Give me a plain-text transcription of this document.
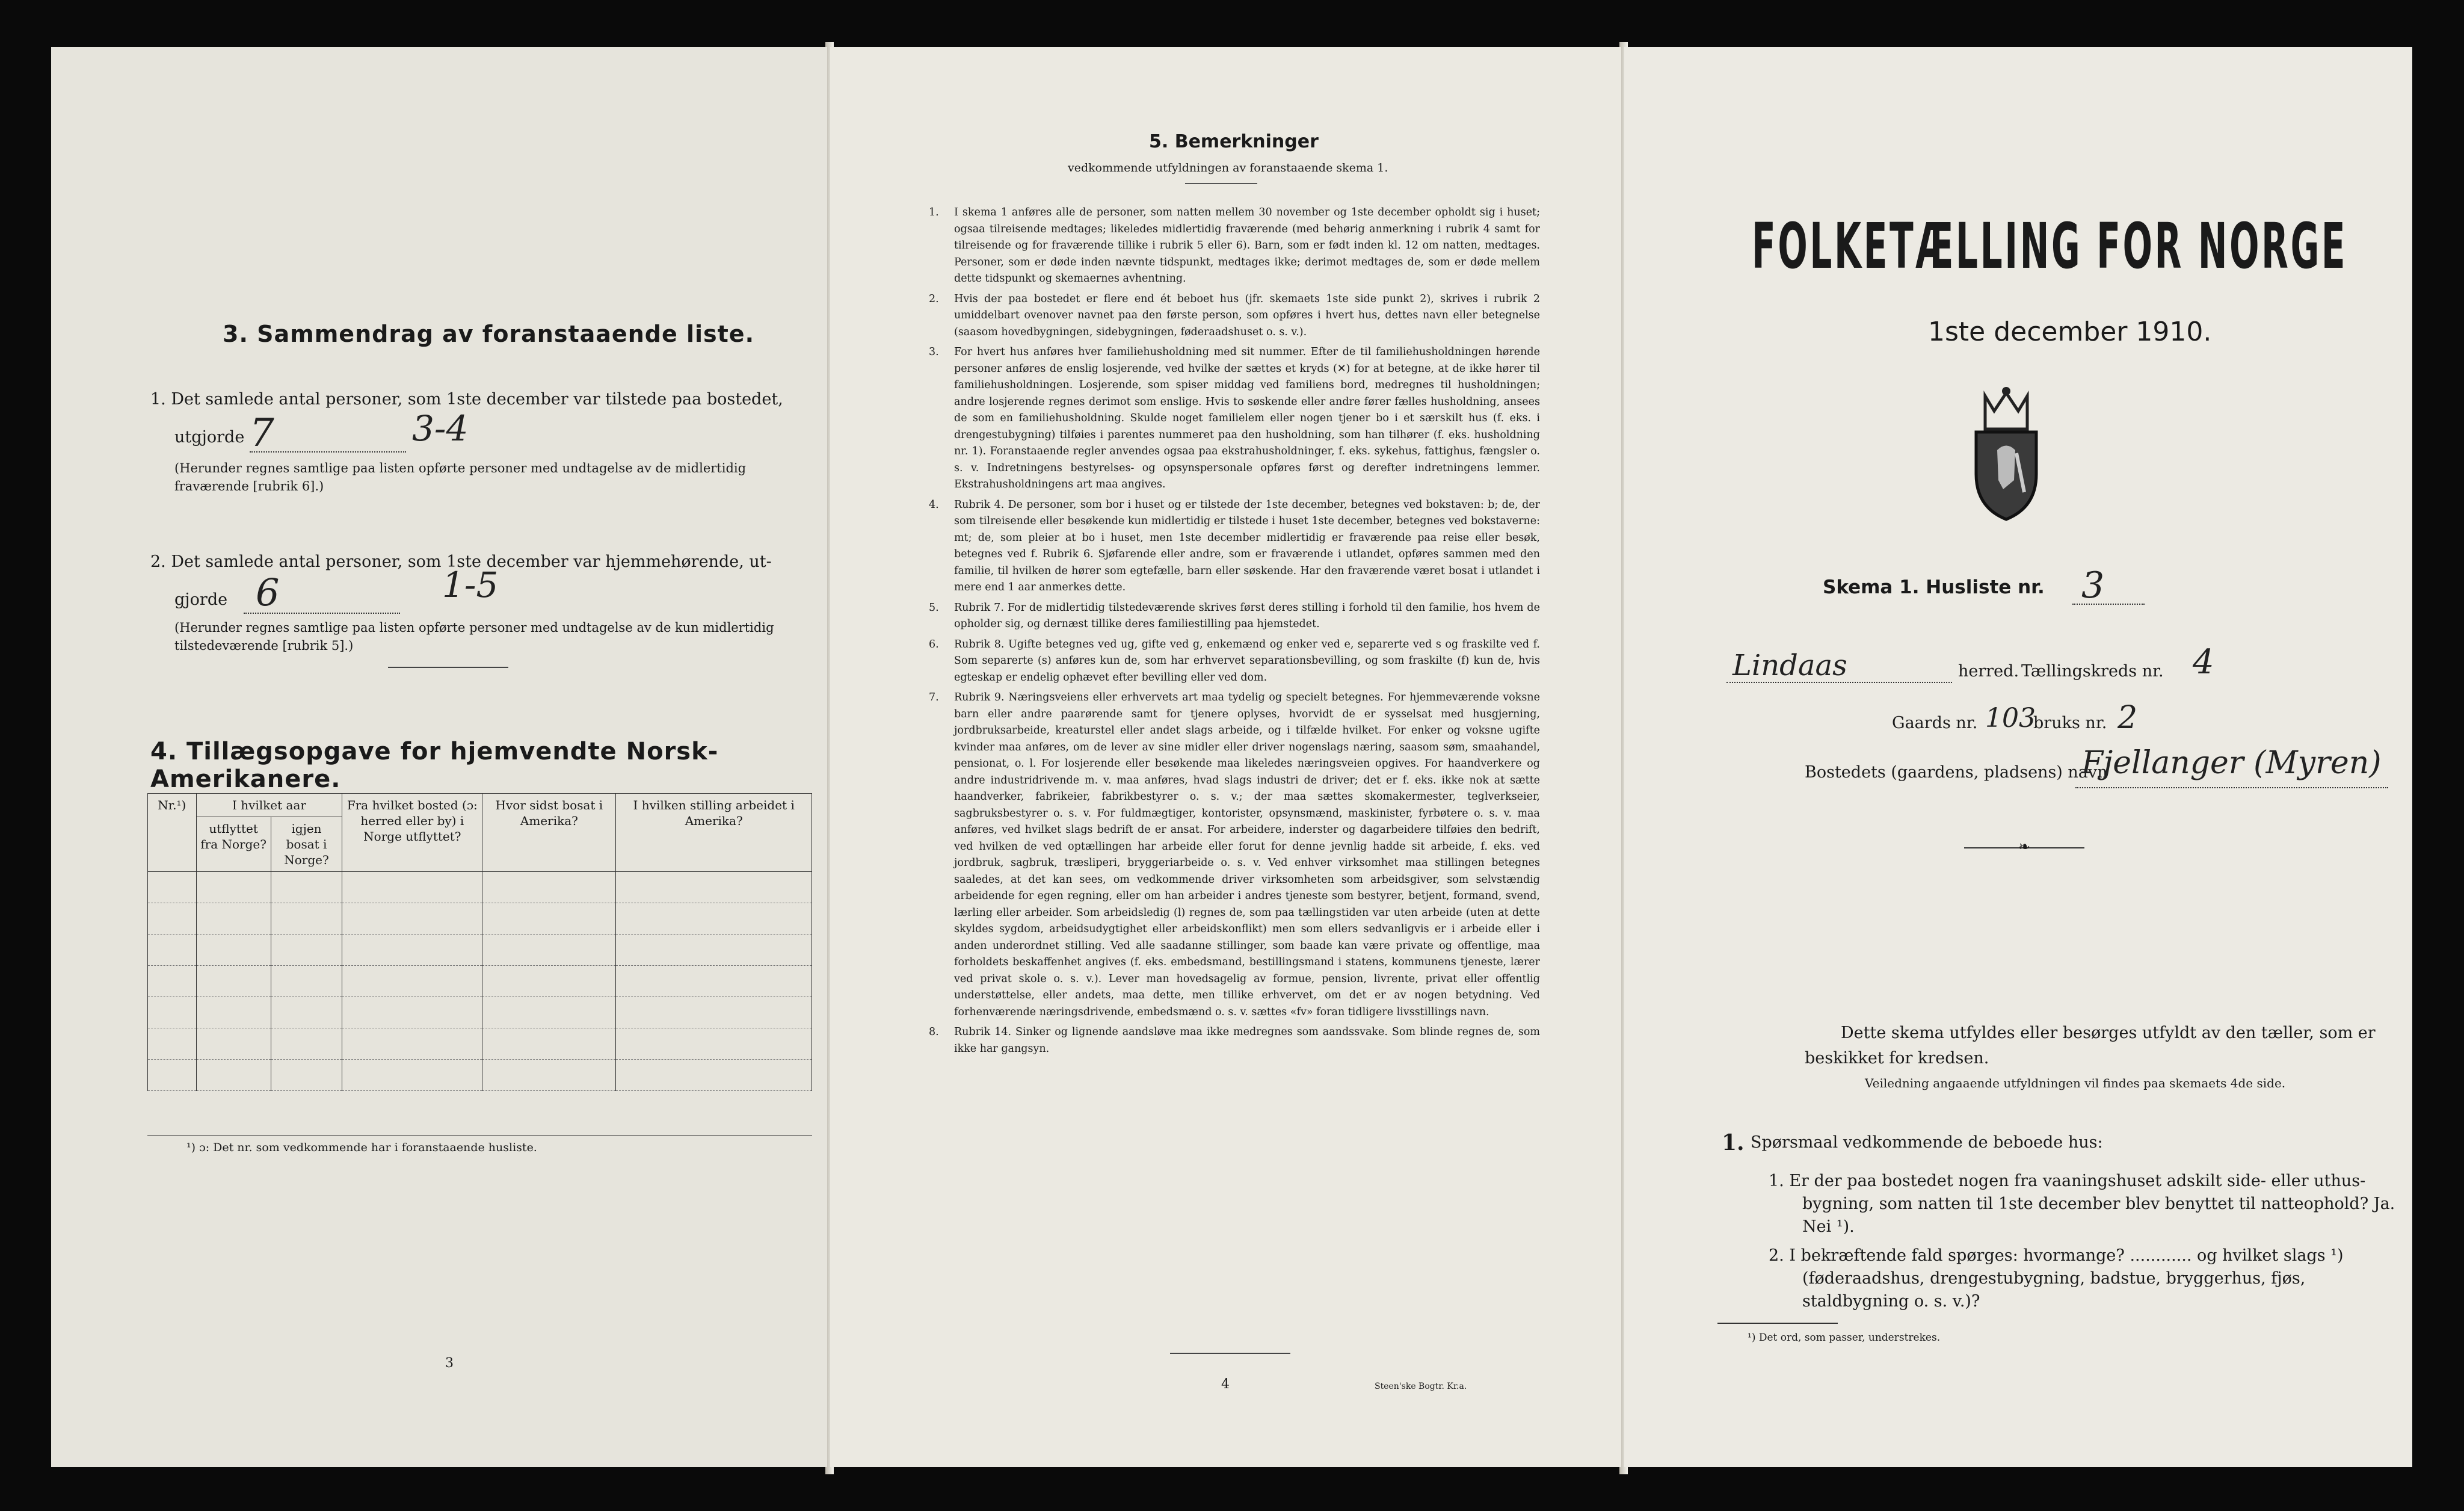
3. Sammendrag av foranstaaende liste.
1. Det samlede antal personer, som 1ste december var tilstede paa bostedet,
utgjorde 7	3-4
(Herunder regnes samtlige paa listen opførte personer med undtagelse av de midlertidig fraværende [rubrik 6].)
2. Det samlede antal personer, som 1ste december var hjemmehørende, ut-
gjorde 6	1-5
(Herunder regnes samtlige paa listen opførte personer med undtagelse av de kun midlertidig tilstedeværende [rubrik 5].)
4. Tillægsopgave for hjemvendte Norsk-Amerikanere.
Nr.¹)	I hvilket aar		Fra hvilket bosted (ɔ: herred eller by) i Norge utflyttet?	Hvor sidst bosat i Amerika?	I hvilken stilling arbeidet i Amerika?
	utflyttet fra Norge?	igjen bosat i Norge?			

¹) ɔ: Det nr. som vedkommende har i foranstaaende husliste.
3
5. Bemerkninger
vedkommende utfyldningen av foranstaaende skema 1.
1. I skema 1 anføres alle de personer, som natten mellem 30 november og 1ste december opholdt sig i huset; ogsaa tilreisende medtages; likeledes midlertidig fraværende (med behørig anmerkning i rubrik 4 samt for tilreisende og for fraværende tillike i rubrik 5 eller 6). Barn, som er født inden kl. 12 om natten, medtages. Personer, som er døde inden nævnte tidspunkt, medtages ikke; derimot medtages de, som er døde mellem dette tidspunkt og skemaernes avhentning.

2. Hvis der paa bostedet er flere end ét beboet hus (jfr. skemaets 1ste side punkt 2), skrives i rubrik 2 umiddelbart ovenover navnet paa den første person, som opføres i hvert hus, dettes navn eller betegnelse (saasom hovedbygningen, sidebygningen, føderaadshuset o. s. v.).

3. For hvert hus anføres hver familiehusholdning med sit nummer. Efter de til familiehusholdningen hørende personer anføres de enslig losjerende, ved hvilke der sættes et kryds (✕) for at betegne, at de ikke hører til familiehusholdningen. Losjerende, som spiser middag ved familiens bord, medregnes til husholdningen; andre losjerende regnes derimot som enslige. Hvis to søskende eller andre fører fælles husholdning, ansees de som en familiehusholdning. Skulde noget familielem eller nogen tjener bo i et særskilt hus (f. eks. i drengestubygning) tilføies i parentes nummeret paa den husholdning, som han tilhører (f. eks. husholdning nr. 1). Foranstaaende regler anvendes ogsaa paa ekstrahusholdninger, f. eks. sykehus, fattighus, fængsler o. s. v. Indretningens bestyrelses- og opsynspersonale opføres først og derefter indretningens lemmer. Ekstrahusholdningens art maa angives.

4. Rubrik 4. De personer, som bor i huset og er tilstede der 1ste december, betegnes ved bokstaven: b; de, der som tilreisende eller besøkende kun midlertidig er tilstede i huset 1ste december, betegnes ved bokstaverne: mt; de, som pleier at bo i huset, men 1ste december midlertidig er fraværende paa reise eller besøk, betegnes ved f. Rubrik 6. Sjøfarende eller andre, som er fraværende i utlandet, opføres sammen med den familie, til hvilken de hører som egtefælle, barn eller søskende. Har den fraværende været bosat i utlandet i mere end 1 aar anmerkes dette.

5. Rubrik 7. For de midlertidig tilstedeværende skrives først deres stilling i forhold til den familie, hos hvem de opholder sig, og dernæst tillike deres familiestilling paa hjemstedet.

6. Rubrik 8. Ugifte betegnes ved ug, gifte ved g, enkemænd og enker ved e, separerte ved s og fraskilte ved f. Som separerte (s) anføres kun de, som har erhvervet separationsbevilling, og som fraskilte (f) kun de, hvis egteskap er endelig ophævet efter bevilling eller ved dom.

7. Rubrik 9. Næringsveiens eller erhvervets art maa tydelig og specielt betegnes. For hjemmeværende voksne barn eller andre paarørende samt for tjenere oplyses, hvorvidt de er sysselsat med husgjerning, jordbruksarbeide, kreaturstel eller andet slags arbeide, og i tilfælde hvilket. For enker og voksne ugifte kvinder maa anføres, om de lever av sine midler eller driver nogenslags næring, saasom søm, smaahandel, pensionat, o. l. For losjerende eller besøkende maa likeledes næringsveien opgives. For haandverkere og andre industridrivende m. v. maa anføres, hvad slags industri de driver; det er f. eks. ikke nok at sætte haandverker, fabrikeier, fabrikbestyrer o. s. v.; der maa sættes skomakermester, teglverkseier, sagbruksbestyrer o. s. v. For fuldmægtiger, kontorister, opsynsmænd, maskinister, fyrbøtere o. s. v. maa anføres, ved hvilket slags bedrift de er ansat. For arbeidere, inderster og dagarbeidere tilføies den bedrift, ved hvilken de ved optællingen har arbeide eller forut for denne jevnlig hadde sit arbeide, f. eks. ved jordbruk, sagbruk, træsliperi, bryggeriarbeide o. s. v. Ved enhver virksomhet maa stillingen betegnes saaledes, at det kan sees, om vedkommende driver virksomheten som arbeidsgiver, som selvstændig arbeidende for egen regning, eller om han arbeider i andres tjeneste som bestyrer, betjent, formand, svend, lærling eller arbeider. Som arbeidsledig (l) regnes de, som paa tællingstiden var uten arbeide (uten at dette skyldes sygdom, arbeidsudygtighet eller arbeidskonflikt) men som ellers sedvanligvis er i arbeide eller i anden underordnet stilling. Ved alle saadanne stillinger, som baade kan være private og offentlige, maa forholdets beskaffenhet angives (f. eks. embedsmand, bestillingsmand i statens, kommunens tjeneste, lærer ved privat skole o. s. v.). Lever man hovedsagelig av formue, pension, livrente, privat eller offentlig understøttelse, eller andets, maa dette, men tillike erhvervet, om det er av nogen betydning. Ved forhenværende næringsdrivende, embedsmænd o. s. v. sættes «fv» foran tidligere livsstillings navn.

8. Rubrik 14. Sinker og lignende aandsløve maa ikke medregnes som aandssvake. Som blinde regnes de, som ikke har gangsyn.

4	Steen'ske Bogtr. Kr.a.
FOLKETÆLLING FOR NORGE
1ste december 1910.
Skema 1. Husliste nr. 3
Lindaas	herred. Tællingskreds nr. 4
Gaards nr. 103
bruks nr. 2
Bostedets (gaardens, pladsens) navn
Fjellanger (Myren)
❧
Dette skema utfyldes eller besørges utfyldt av den tæller, som er beskikket for kredsen.
Veiledning angaaende utfyldningen vil findes paa skemaets 4de side.
1. Spørsmaal vedkommende de beboede hus:
1. Er der paa bostedet nogen fra vaaningshuset adskilt side- eller uthus-bygning, som natten til 1ste december blev benyttet til natteophold? Ja. Nei ¹).
2. I bekræftende fald spørges: hvormange? ............ og hvilket slags ¹) (føderaadshus, drengestubygning, badstue, bryggerhus, fjøs, staldbygning o. s. v.)?
¹) Det ord, som passer, understrekes.
